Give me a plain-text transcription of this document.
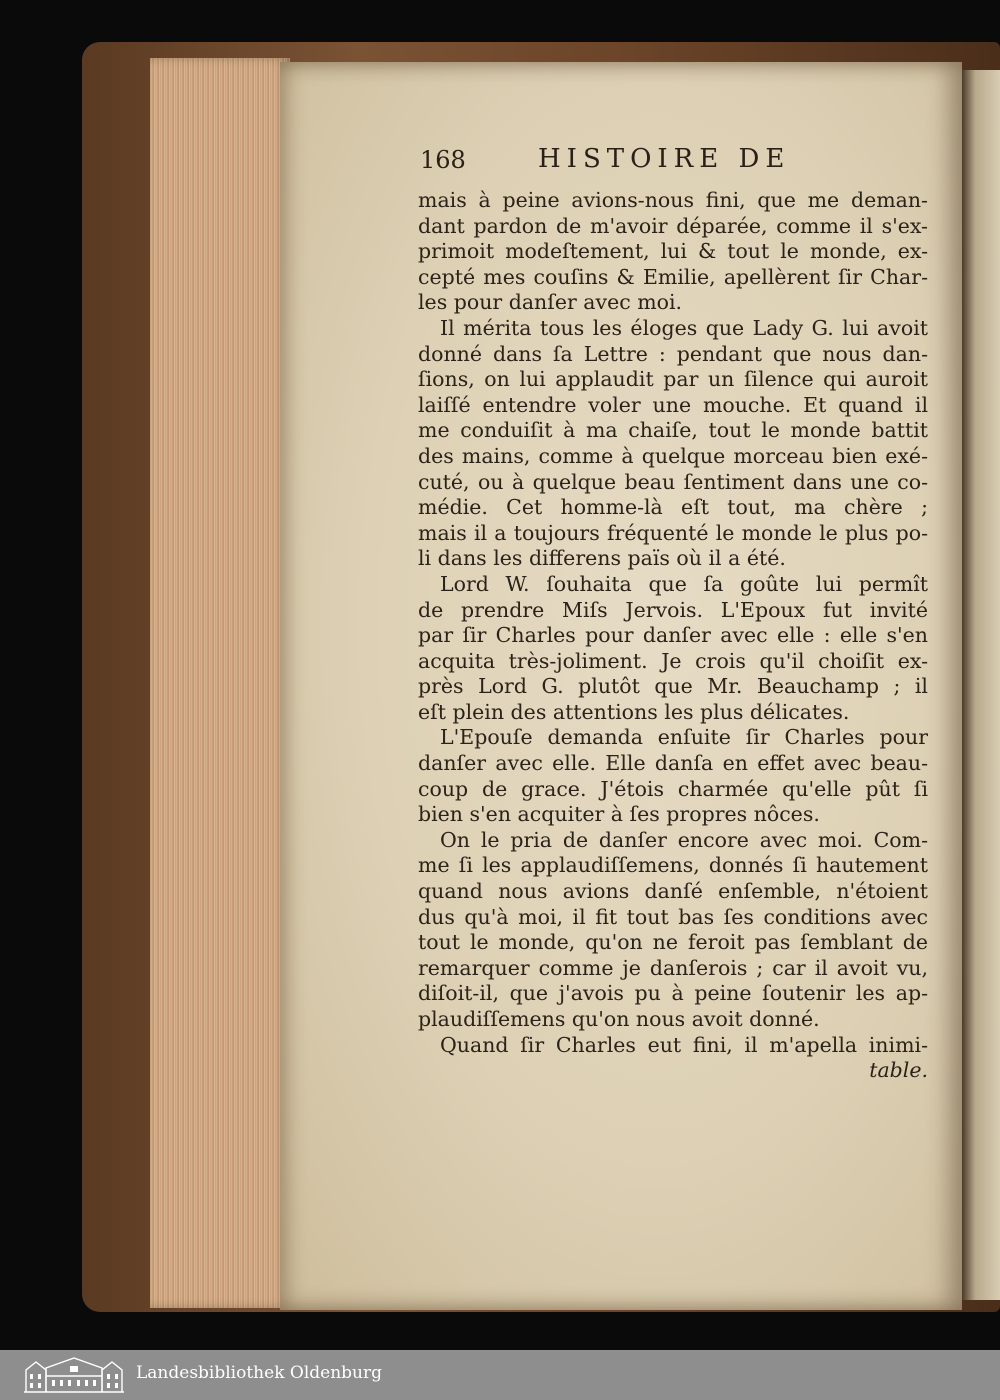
168	HISTOIRE DE
mais à peine avions-nous fini, que me deman-
dant pardon de m'avoir déparée, comme il s'ex-
primoit modeſtement, lui & tout le monde, ex-
cepté mes couſins & Emilie, apellèrent ſir Char-
les pour danſer avec moi.
Il mérita tous les éloges que Lady G. lui avoit
donné dans ſa Lettre : pendant que nous dan-
ſions, on lui applaudit par un ſilence qui auroit
laiſſé entendre voler une mouche. Et quand il
me conduiſit à ma chaiſe, tout le monde battit
des mains, comme à quelque morceau bien exé-
cuté, ou à quelque beau ſentiment dans une co-
médie. Cet homme-là eſt tout, ma chère ;
mais il a toujours fréquenté le monde le plus po-
li dans les differens païs où il a été.
Lord W. ſouhaita que ſa goûte lui permît
de prendre Miſs Jervois. L'Epoux fut invité
par ſir Charles pour danſer avec elle : elle s'en
acquita très-joliment. Je crois qu'il choiſit ex-
près Lord G. plutôt que Mr. Beauchamp ; il
eſt plein des attentions les plus délicates.
L'Epouſe demanda enſuite ſir Charles pour
danſer avec elle. Elle danſa en effet avec beau-
coup de grace. J'étois charmée qu'elle pût ſi
bien s'en acquiter à ſes propres nôces.
On le pria de danſer encore avec moi. Com-
me ſi les applaudiſſemens, donnés ſi hautement
quand nous avions danſé enſemble, n'étoient
dus qu'à moi, il fit tout bas ſes conditions avec
tout le monde, qu'on ne feroit pas ſemblant de
remarquer comme je danſerois ; car il avoit vu,
diſoit-il, que j'avois pu à peine ſoutenir les ap-
plaudiſſemens qu'on nous avoit donné.
Quand ſir Charles eut fini, il m'apella inimi-
table.
Landesbibliothek Oldenburg
